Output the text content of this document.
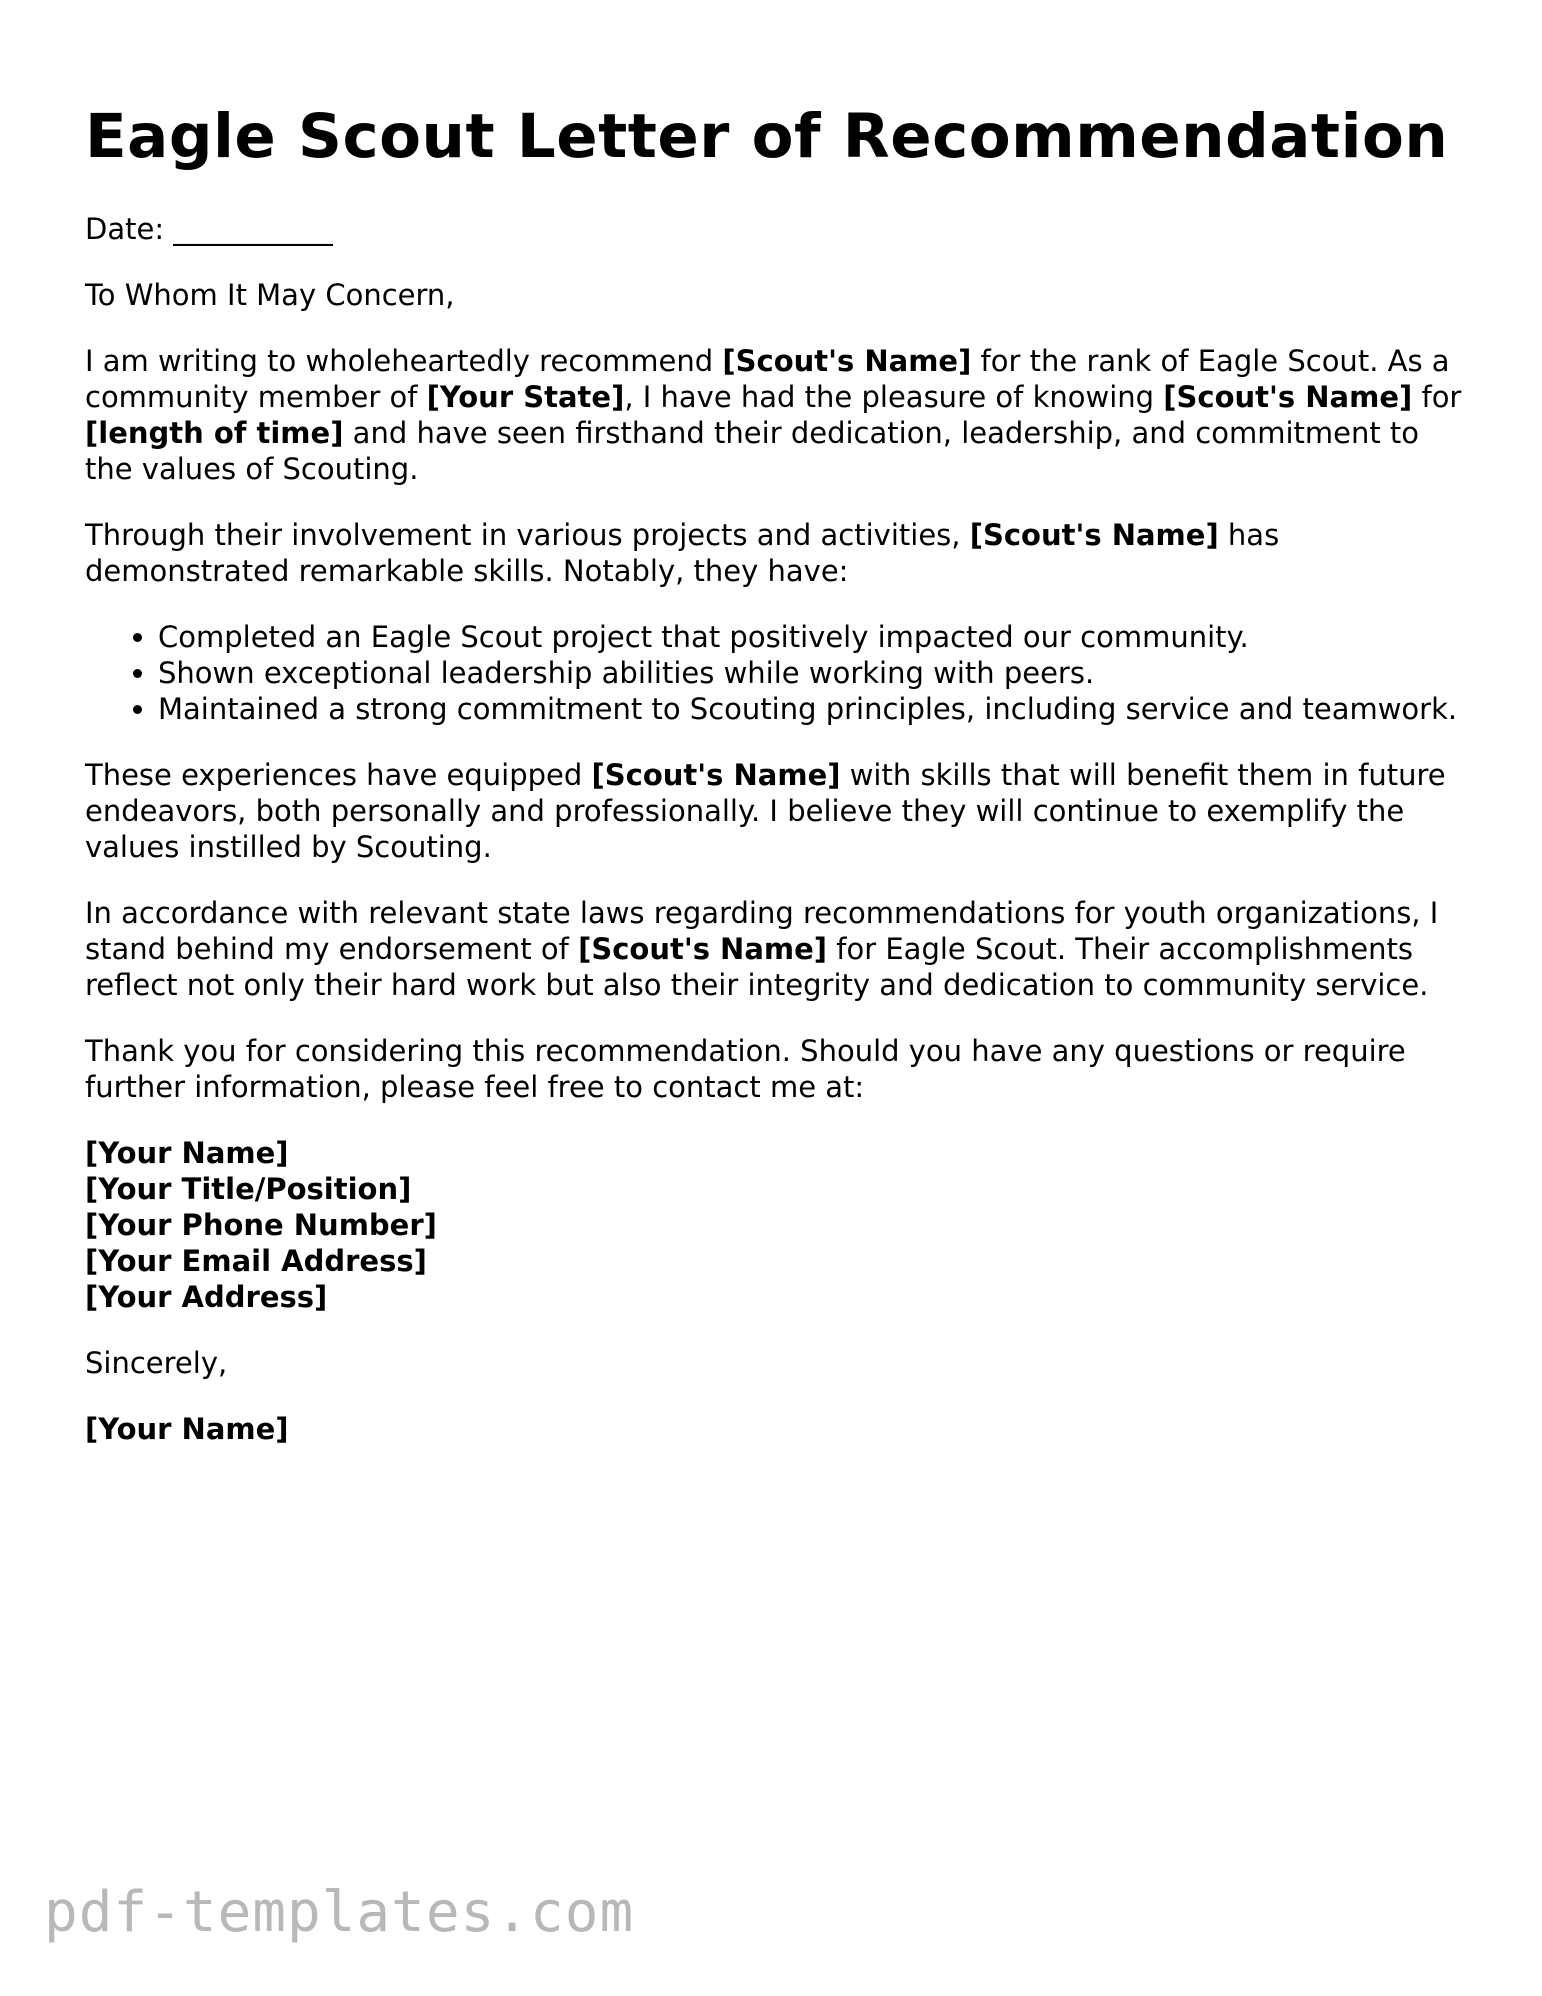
Eagle Scout Letter of Recommendation

Date: ___________

To Whom It May Concern,

I am writing to wholeheartedly recommend [Scout's Name] for the rank of Eagle Scout. As a community member of [Your State], I have had the pleasure of knowing [Scout's Name] for [length of time] and have seen firsthand their dedication, leadership, and commitment to the values of Scouting.

Through their involvement in various projects and activities, [Scout's Name] has demonstrated remarkable skills. Notably, they have:

• Completed an Eagle Scout project that positively impacted our community.
• Shown exceptional leadership abilities while working with peers.
• Maintained a strong commitment to Scouting principles, including service and teamwork.

These experiences have equipped [Scout's Name] with skills that will benefit them in future endeavors, both personally and professionally. I believe they will continue to exemplify the values instilled by Scouting.

In accordance with relevant state laws regarding recommendations for youth organizations, I stand behind my endorsement of [Scout's Name] for Eagle Scout. Their accomplishments reflect not only their hard work but also their integrity and dedication to community service.

Thank you for considering this recommendation. Should you have any questions or require further information, please feel free to contact me at:

[Your Name]
[Your Title/Position]
[Your Phone Number]
[Your Email Address]
[Your Address]

Sincerely,

[Your Name]

pdf-templates.com
